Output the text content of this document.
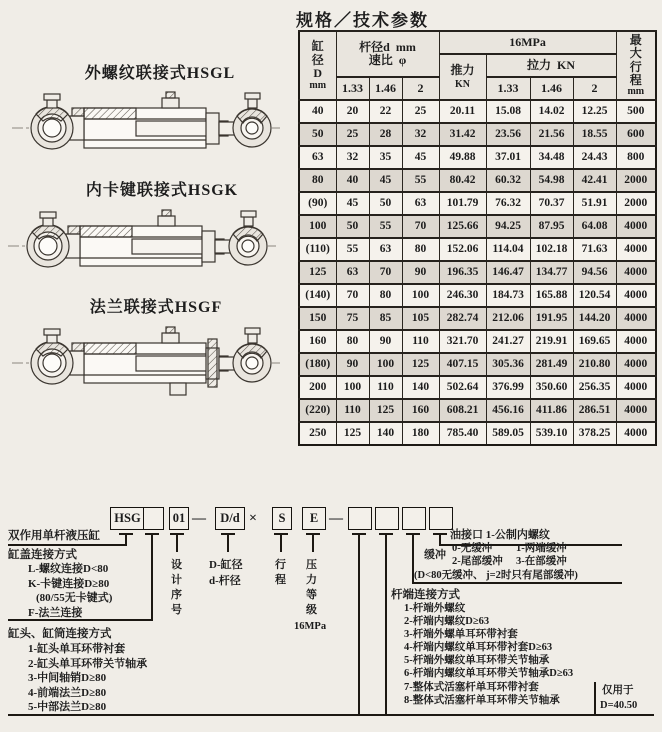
外螺纹联接式HSGL
内卡键联接式HSGK
法兰联接式HSGF
规格／技术参数
缸径D
mm
	杆径d  mm
速比  φ	16MPa	最大行程
mm

				推力
KN	拉力  KN			
	1.33	1.46	2		1.33	1.46	2	
40	20	22	25	20.11	15.08	14.02	12.25	500
50	25	28	32	31.42	23.56	21.56	18.55	600
63	32	35	45	49.88	37.01	34.48	24.43	800
80	40	45	55	80.42	60.32	54.98	42.41	2000
(90)	45	50	63	101.79	76.32	70.37	51.91	2000
100	50	55	70	125.66	94.25	87.95	64.08	4000
(110)	55	63	80	152.06	114.04	102.18	71.63	4000
125	63	70	90	196.35	146.47	134.77	94.56	4000
(140)	70	80	100	246.30	184.73	165.88	120.54	4000
150	75	85	105	282.74	212.06	191.95	144.20	4000
160	80	90	110	321.70	241.27	219.91	169.65	4000
(180)	90	100	125	407.15	305.36	281.49	210.80	4000
200	100	110	140	502.64	376.99	350.60	256.35	4000
(220)	110	125	160	608.21	456.16	411.86	286.51	4000
250	125	140	180	785.40	589.05	539.10	378.25	4000
HSG	01 —	D/d ×	S	E —
双作用单杆液压缸
缸盖连接方式
L-螺纹连接D<80
K-卡键连接D≥80
(80/55无卡键式)
F-法兰连接
缸头、缸筒连接方式
1-缸头单耳环带衬套
2-缸头单耳环带关节轴承
3-中间轴销D≥80
4-前端法兰D≥80
5-中部法兰D≥80
设计序号
D-缸径
d-杆径
行程
压力等级
16MPa
油接口 1-公制内螺纹
缓冲
0-无缓冲	1-两端缓冲
2-尾部缓冲	3-在部缓冲
(D<80无缓冲、 j=2时只有尾部缓冲)
杆端连接方式
1-杆端外螺纹
2-杆端内螺纹D≥63
3-杆端外螺单耳环带衬套
4-杆端内螺纹单耳环带衬套D≥63
5-杆端外螺纹单耳环带关节轴承
6-杆端内螺纹单耳环带关节轴承D≥63
7-整体式活塞杆单耳环带衬套
8-整体式活塞杆单耳环带关节轴承
仅用于
D=40.50
